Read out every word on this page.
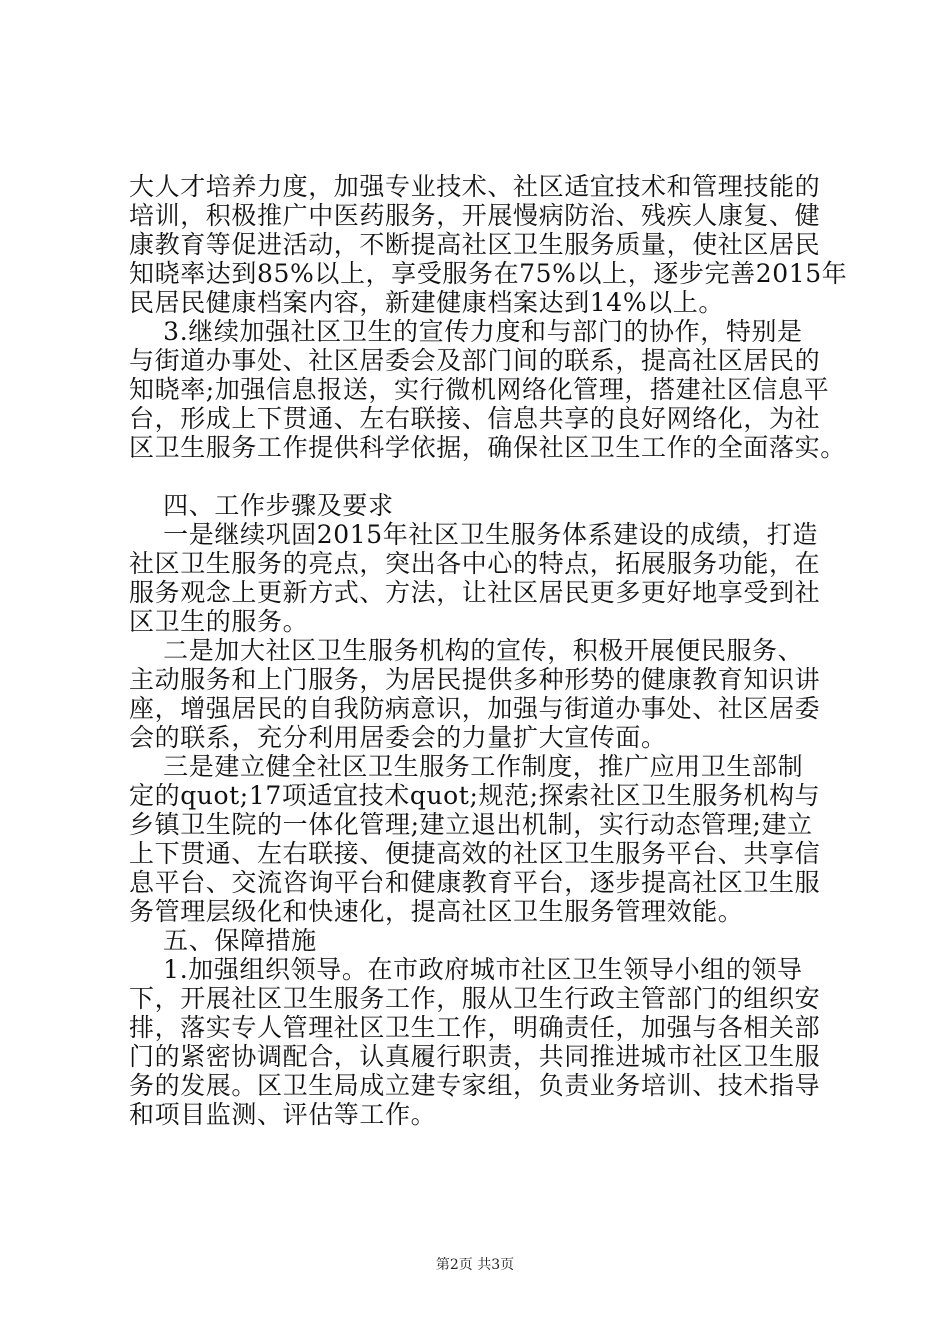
大人才培养力度，加强专业技术、社区适宜技术和管理技能的
培训，积极推广中医药服务，开展慢病防治、残疾人康复、健
康教育等促进活动，不断提高社区卫生服务质量，使社区居民
知晓率达到85%以上，享受服务在75%以上，逐步完善2015年
民居民健康档案内容，新建健康档案达到14%以上。
3.继续加强社区卫生的宣传力度和与部门的协作，特别是
与街道办事处、社区居委会及部门间的联系，提高社区居民的
知晓率;加强信息报送，实行微机网络化管理，搭建社区信息平
台，形成上下贯通、左右联接、信息共享的良好网络化，为社
区卫生服务工作提供科学依据，确保社区卫生工作的全面落实。
四、工作步骤及要求
一是继续巩固2015年社区卫生服务体系建设的成绩，打造
社区卫生服务的亮点，突出各中心的特点，拓展服务功能，在
服务观念上更新方式、方法，让社区居民更多更好地享受到社
区卫生的服务。
二是加大社区卫生服务机构的宣传，积极开展便民服务、
主动服务和上门服务，为居民提供多种形势的健康教育知识讲
座，增强居民的自我防病意识，加强与街道办事处、社区居委
会的联系，充分利用居委会的力量扩大宣传面。
三是建立健全社区卫生服务工作制度，推广应用卫生部制
定的quot;17项适宜技术quot;规范;探索社区卫生服务机构与
乡镇卫生院的一体化管理;建立退出机制，实行动态管理;建立
上下贯通、左右联接、便捷高效的社区卫生服务平台、共享信
息平台、交流咨询平台和健康教育平台，逐步提高社区卫生服
务管理层级化和快速化，提高社区卫生服务管理效能。
五、保障措施
1.加强组织领导。在市政府城市社区卫生领导小组的领导
下，开展社区卫生服务工作，服从卫生行政主管部门的组织安
排，落实专人管理社区卫生工作，明确责任，加强与各相关部
门的紧密协调配合，认真履行职责，共同推进城市社区卫生服
务的发展。区卫生局成立建专家组，负责业务培训、技术指导
和项目监测、评估等工作。
第2页 共3页
